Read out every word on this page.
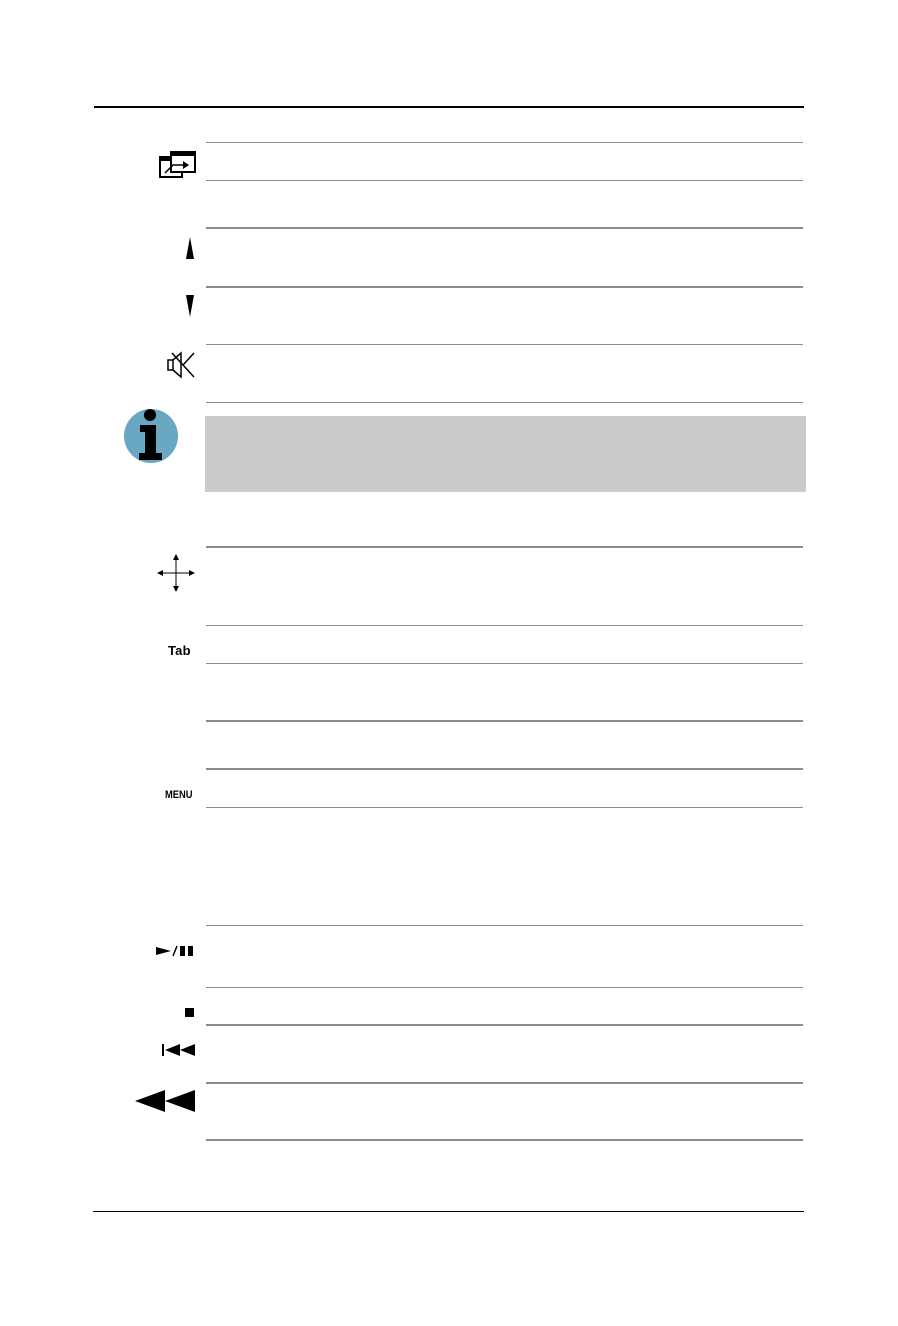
Tab
MENU
